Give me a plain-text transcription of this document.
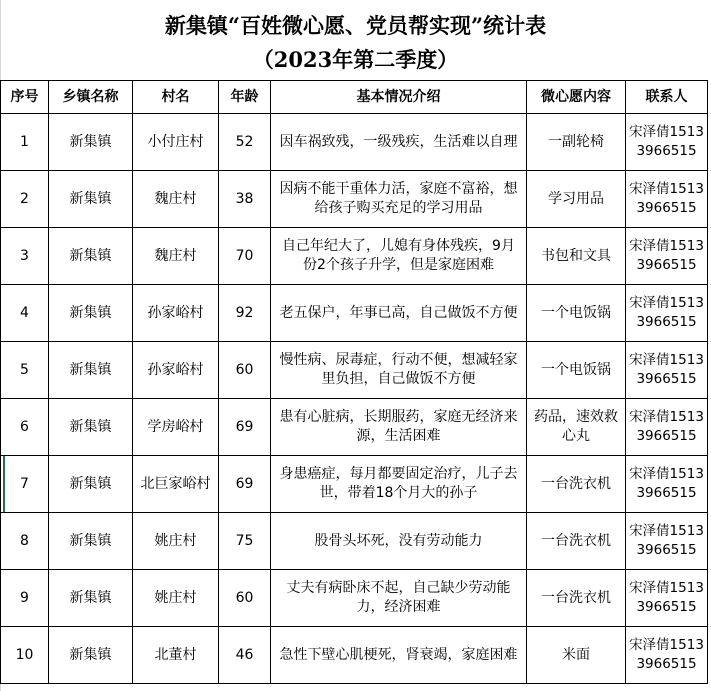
新集镇“百姓微心愿、党员帮实现”统计表
（2023年第二季度）
序号	乡镇名称	村名	年龄	基本情况介绍	微心愿内容	联系人
1	新集镇	小付庄村	52	因车祸致残，一级残疾，生活难以自理	一副轮椅	宋泽倩15133966515
2	新集镇	魏庄村	38	因病不能干重体力活，家庭不富裕，想给孩子购买充足的学习用品	学习用品	宋泽倩15133966515
3	新集镇	魏庄村	70	自己年纪大了，儿媳有身体残疾，9月份2个孩子升学，但是家庭困难	书包和文具	宋泽倩15133966515
4	新集镇	孙家峪村	92	老五保户，年事已高，自己做饭不方便	一个电饭锅	宋泽倩15133966515
5	新集镇	孙家峪村	60	慢性病、尿毒症，行动不便，想减轻家里负担，自己做饭不方便	一个电饭锅	宋泽倩15133966515
6	新集镇	学房峪村	69	患有心脏病，长期服药，家庭无经济来源，生活困难	药品，速效救心丸	宋泽倩15133966515
7	新集镇	北巨家峪村	69	身患癌症，每月都要固定治疗，儿子去世，带着18个月大的孙子	一台洗衣机	宋泽倩15133966515
8	新集镇	姚庄村	75	股骨头坏死，没有劳动能力	一台洗衣机	宋泽倩15133966515
9	新集镇	姚庄村	60	丈夫有病卧床不起，自己缺少劳动能力，经济困难	一台洗衣机	宋泽倩15133966515
10	新集镇	北董村	46	急性下壁心肌梗死，肾衰竭，家庭困难	米面	宋泽倩15133966515
